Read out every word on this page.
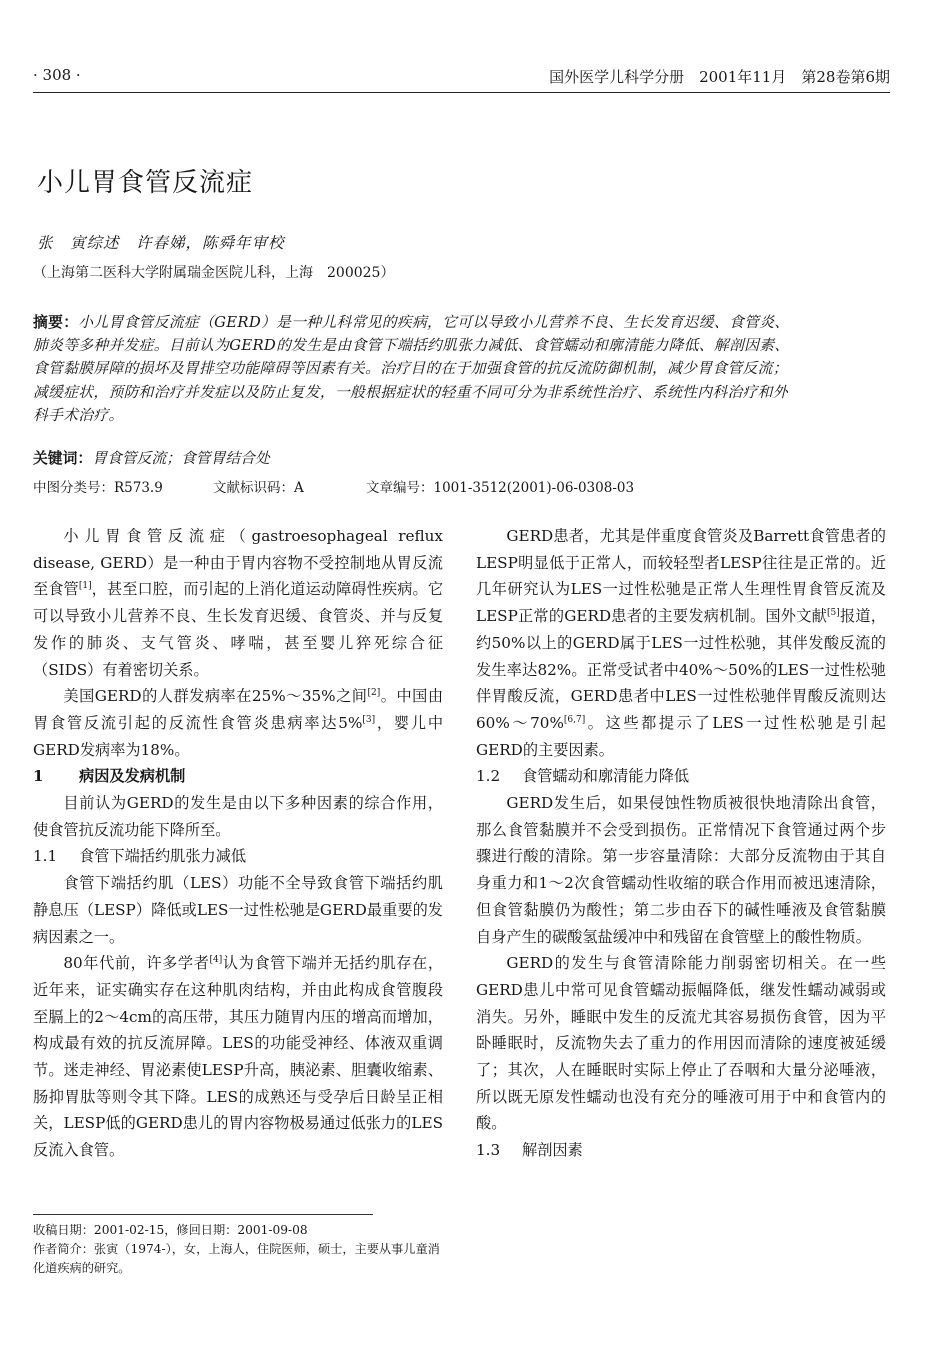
· 308 ·	国外医学儿科学分册　2001年11月　第28卷第6期
小儿胃食管反流症
张　寅综述　许春娣，陈舜年审校
（上海第二医科大学附属瑞金医院儿科，上海　200025）
摘要：小儿胃食管反流症（GERD）是一种儿科常见的疾病，它可以导致小儿营养不良、生长发育迟缓、食管炎、肺炎等多种并发症。目前认为GERD的发生是由食管下端括约肌张力减低、食管蠕动和廓清能力降低、解剖因素、食管黏膜屏障的损坏及胃排空功能障碍等因素有关。治疗目的在于加强食管的抗反流防御机制，减少胃食管反流；减缓症状，预防和治疗并发症以及防止复发，一般根据症状的轻重不同可分为非系统性治疗、系统性内科治疗和外科手术治疗。
关键词：胃食管反流；食管胃结合处
中图分类号：R573.9	文献标识码：A	文章编号：1001-3512(2001)-06-0308-03

小儿胃食管反流症（gastroesophageal reflux disease, GERD）是一种由于胃内容物不受控制地从胃反流至食管[1]，甚至口腔，而引起的上消化道运动障碍性疾病。它可以导致小儿营养不良、生长发育迟缓、食管炎、并与反复发作的肺炎、支气管炎、哮喘，甚至婴儿猝死综合征（SIDS）有着密切关系。

美国GERD的人群发病率在25%～35%之间[2]。中国由胃食管反流引起的反流性食管炎患病率达5%[3]，婴儿中GERD发病率为18%。

1 病因及发病机制

目前认为GERD的发生是由以下多种因素的综合作用，使食管抗反流功能下降所至。

1.1 食管下端括约肌张力减低

食管下端括约肌（LES）功能不全导致食管下端括约肌静息压（LESP）降低或LES一过性松驰是GERD最重要的发病因素之一。

80年代前，许多学者[4]认为食管下端并无括约肌存在，近年来，证实确实存在这种肌肉结构，并由此构成食管腹段至膈上的2～4cm的高压带，其压力随胃内压的增高而增加，构成最有效的抗反流屏障。LES的功能受神经、体液双重调节。迷走神经、胃泌素使LESP升高，胰泌素、胆囊收缩素、肠抑胃肽等则令其下降。LES的成熟还与受孕后日龄呈正相关，LESP低的GERD患儿的胃内容物极易通过低张力的LES反流入食管。

收稿日期：2001-02-15，修回日期：2001-09-08
作者简介：张寅（1974-），女，上海人，住院医师，硕士，主要从事儿童消化道疾病的研究。

GERD患者，尤其是伴重度食管炎及Barrett食管患者的LESP明显低于正常人，而较轻型者LESP往往是正常的。近几年研究认为LES一过性松驰是正常人生理性胃食管反流及LESP正常的GERD患者的主要发病机制。国外文献[5]报道，约50%以上的GERD属于LES一过性松驰，其伴发酸反流的发生率达82%。正常受试者中40%～50%的LES一过性松驰伴胃酸反流，GERD患者中LES一过性松驰伴胃酸反流则达60%～70%[6,7]。这些都提示了LES一过性松驰是引起GERD的主要因素。

1.2 食管蠕动和廓清能力降低

GERD发生后，如果侵蚀性物质被很快地清除出食管，那么食管黏膜并不会受到损伤。正常情况下食管通过两个步骤进行酸的清除。第一步容量清除：大部分反流物由于其自身重力和1～2次食管蠕动性收缩的联合作用而被迅速清除，但食管黏膜仍为酸性；第二步由吞下的碱性唾液及食管黏膜自身产生的碳酸氢盐缓冲中和残留在食管壁上的酸性物质。

GERD的发生与食管清除能力削弱密切相关。在一些GERD患儿中常可见食管蠕动振幅降低，继发性蠕动减弱或消失。另外，睡眠中发生的反流尤其容易损伤食管，因为平卧睡眠时，反流物失去了重力的作用因而清除的速度被延缓了；其次，人在睡眠时实际上停止了吞咽和大量分泌唾液，所以既无原发性蠕动也没有充分的唾液可用于中和食管内的酸。

1.3 解剖因素
